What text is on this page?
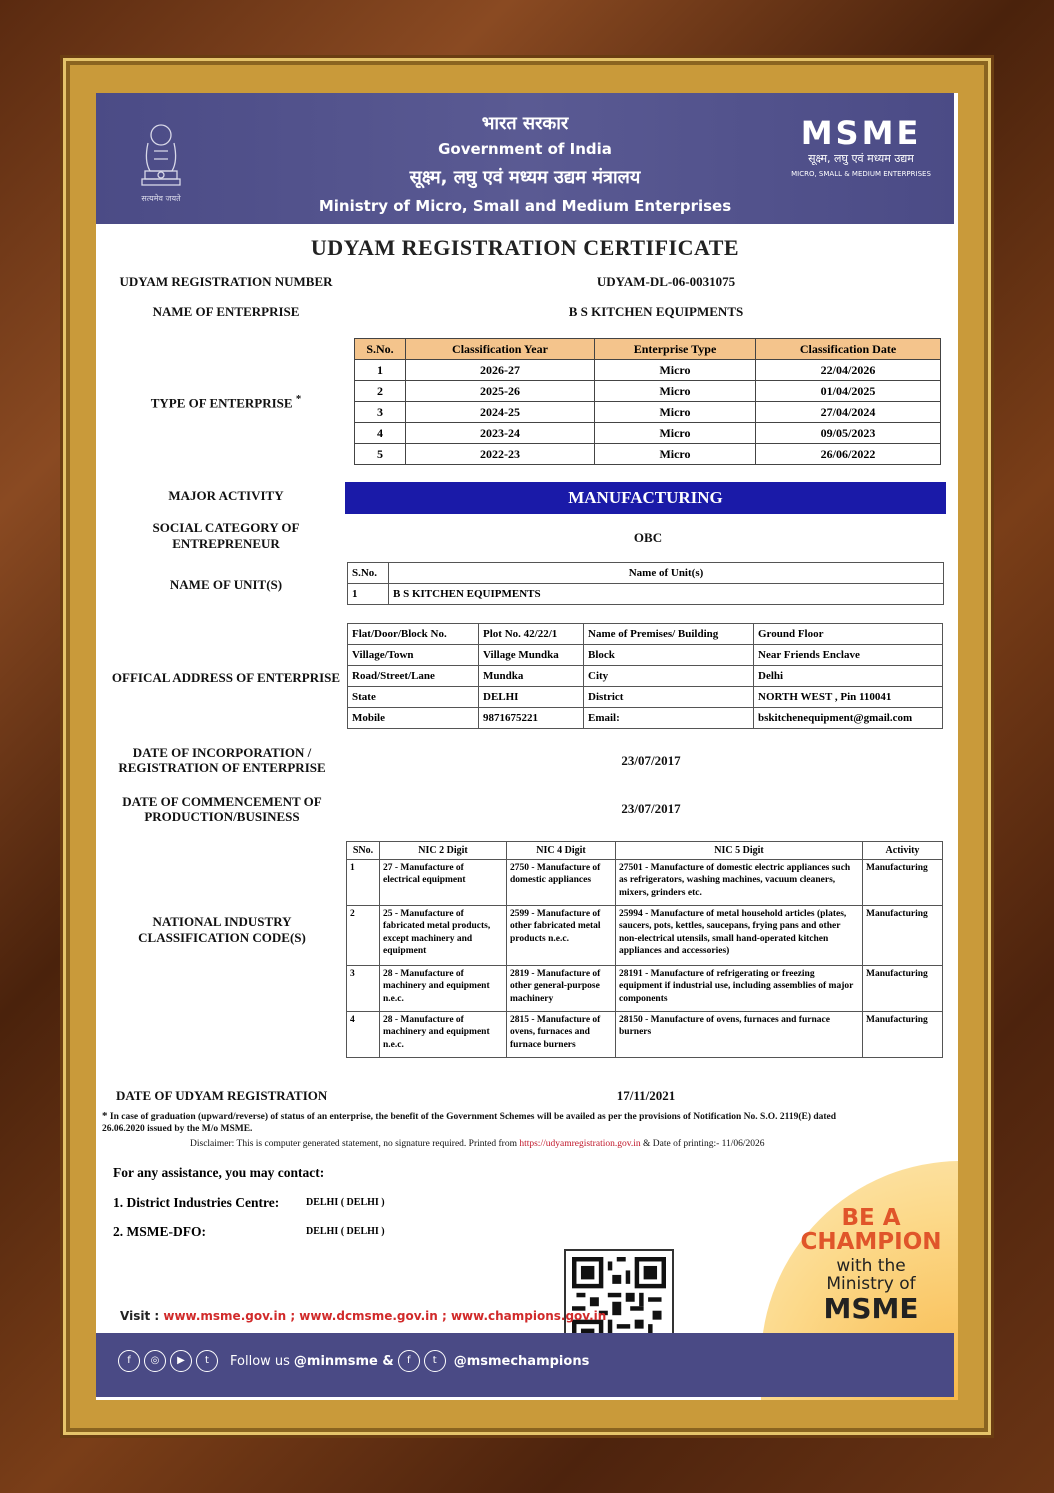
सत्यमेव जयते
भारत सरकार
Government of India
सूक्ष्म, लघु एवं मध्यम उद्यम मंत्रालय
Ministry of Micro, Small and Medium Enterprises
MSME
सूक्ष्म, लघु एवं मध्यम उद्यम
MICRO, SMALL & MEDIUM ENTERPRISES
UDYAM REGISTRATION CERTIFICATE
UDYAM REGISTRATION NUMBER	UDYAM-DL-06-0031075
NAME OF ENTERPRISE	B S KITCHEN EQUIPMENTS
TYPE OF ENTERPRISE *
S.No.	Classification Year	Enterprise Type	Classification Date
1	2026-27	Micro	22/04/2026
2	2025-26	Micro	01/04/2025
3	2024-25	Micro	27/04/2024
4	2023-24	Micro	09/05/2023
5	2022-23	Micro	26/06/2022
MAJOR ACTIVITY	MANUFACTURING
SOCIAL CATEGORY OF
ENTREPRENEUR	OBC
NAME OF UNIT(S)
S.No.	Name of Unit(s)
1	B S KITCHEN EQUIPMENTS
OFFICAL ADDRESS OF ENTERPRISE
Flat/Door/Block No.	Plot No. 42/22/1	Name of Premises/ Building	Ground Floor
Village/Town	Village Mundka	Block	Near Friends Enclave
Road/Street/Lane	Mundka	City	Delhi
State	DELHI	District	NORTH WEST , Pin 110041
Mobile	9871675221	Email:	bskitchenequipment@gmail.com
DATE OF INCORPORATION /
REGISTRATION OF ENTERPRISE	23/07/2017
DATE OF COMMENCEMENT OF
PRODUCTION/BUSINESS
23/07/2017
NATIONAL INDUSTRY
CLASSIFICATION CODE(S)
SNo.	NIC 2 Digit	NIC 4 Digit	NIC 5 Digit	Activity
1	27 - Manufacture of electrical equipment	2750 - Manufacture of domestic appliances	27501 - Manufacture of domestic electric appliances such as refrigerators, washing machines, vacuum cleaners, mixers, grinders etc.	Manufacturing
2	25 - Manufacture of fabricated metal products, except machinery and equipment	2599 - Manufacture of other fabricated metal products n.e.c.	25994 - Manufacture of metal household articles (plates, saucers, pots, kettles, saucepans, frying pans and other non-electrical utensils, small hand-operated kitchen appliances and accessories)	Manufacturing
3	28 - Manufacture of machinery and equipment n.e.c.	2819 - Manufacture of other general-purpose machinery	28191 - Manufacture of refrigerating or freezing equipment if industrial use, including assemblies of major components	Manufacturing
4	28 - Manufacture of machinery and equipment n.e.c.	2815 - Manufacture of ovens, furnaces and furnace burners	28150 - Manufacture of ovens, furnaces and furnace burners	Manufacturing
DATE OF UDYAM REGISTRATION	17/11/2021
* In case of graduation (upward/reverse) of status of an enterprise, the benefit of the Government Schemes will be availed as per the provisions of Notification No. S.O. 2119(E) dated
26.06.2020 issued by the M/o MSME.
Disclaimer: This is computer generated statement, no signature required. Printed from https://udyamregistration.gov.in & Date of printing:- 11/06/2026
For any assistance, you may contact:
1. District Industries Centre:	DELHI ( DELHI )
2. MSME-DFO:	DELHI ( DELHI )
BE A
CHAMPION
with the
Ministry of
MSME
Visit : www.msme.gov.in ; www.dcmsme.gov.in ; www.champions.gov.in
f	◎	▶	t	Follow us @minmsme &	f	t	@msmechampions
